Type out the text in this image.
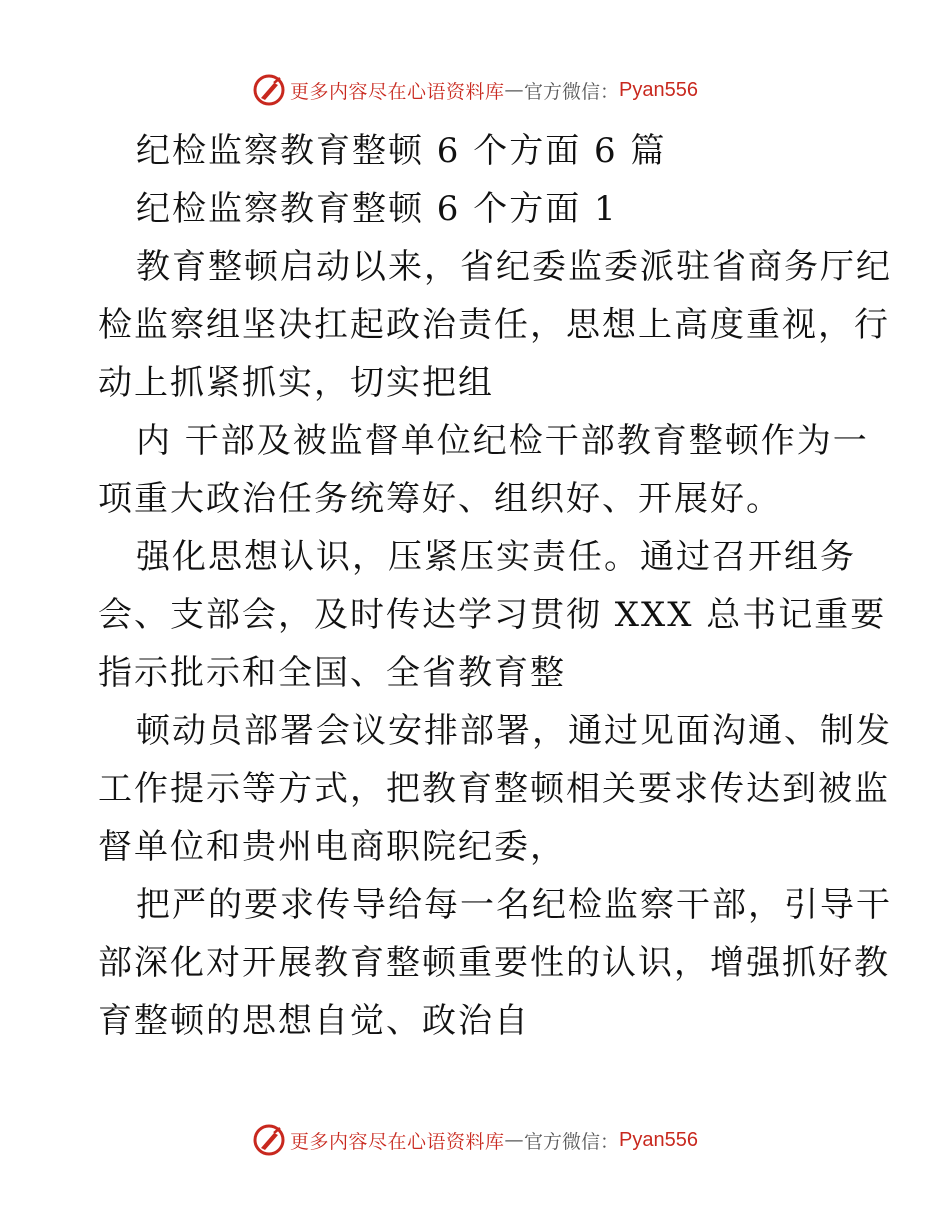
更多内容尽在心语资料库 — 官方微信： Pyan556
纪检监察教育整顿 6 个方面 6 篇
纪检监察教育整顿 6 个方面 1
教育整顿启动以来，省纪委监委派驻省商务厅纪
检监察组坚决扛起政治责任，思想上高度重视，行
动上抓紧抓实，切实把组
内 干部及被监督单位纪检干部教育整顿作为一
项重大政治任务统筹好、组织好、开展好。
强化思想认识，压紧压实责任。通过召开组务
会、支部会，及时传达学习贯彻 XXX 总书记重要
指示批示和全国、全省教育整
顿动员部署会议安排部署，通过见面沟通、制发
工作提示等方式，把教育整顿相关要求传达到被监
督单位和贵州电商职院纪委，
把严的要求传导给每一名纪检监察干部，引导干
部深化对开展教育整顿重要性的认识，增强抓好教
育整顿的思想自觉、政治自
更多内容尽在心语资料库 — 官方微信： Pyan556
